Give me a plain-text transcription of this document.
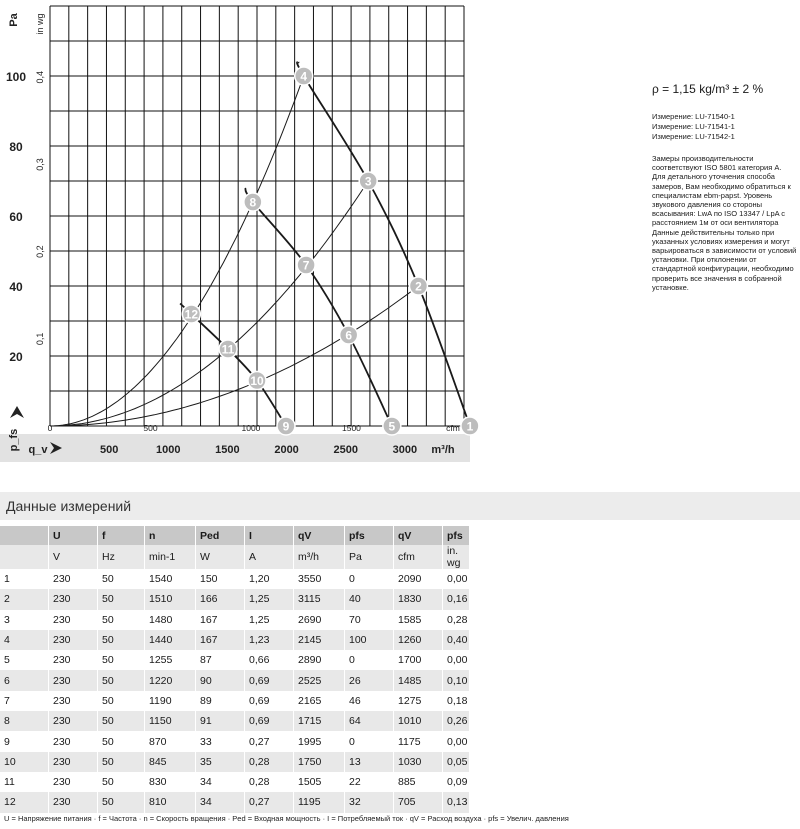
20
40
60
80
100
0,1
0,2
0,3
0,4
Pa in wg
p_fs
0	500	1000	1500	cfm
500	1000	1500	2000	2500	3000 m³/h
q_v
1
2
3
4
5
6
7
8
9
10
11
12
ρ = 1,15 kg/m³ ± 2 %
Измерение: LU-71540-1
Измерение: LU-71541-1
Измерение: LU-71542-1
Замеры производительности соответствуют ISO 5801 категория А. Для детального уточнения способа замеров, Вам необходимо обратиться к специалистам ebm-papst. Уровень звукового давления со стороны всасывания: LwA по ISO 13347 / LpA с расстоянием 1м от оси вентилятора Данные действительны только при указанных условиях измерения и могут варьироваться в зависимости от условий установки. При отклонении от стандартной конфигурации, необходимо проверить все значения в собранной установке.
Данные измерений
	U	f	n	Ped	I	qV	pfs	qV	pfs
	V	Hz	min-1	W	A	m³/h	Pa	cfm	in. wg
1	230	50	1540	150	1,20	3550	0	2090	0,00
2	230	50	1510	166	1,25	3115	40	1830	0,16
3	230	50	1480	167	1,25	2690	70	1585	0,28
4	230	50	1440	167	1,23	2145	100	1260	0,40
5	230	50	1255	87	0,66	2890	0	1700	0,00
6	230	50	1220	90	0,69	2525	26	1485	0,10
7	230	50	1190	89	0,69	2165	46	1275	0,18
8	230	50	1150	91	0,69	1715	64	1010	0,26
9	230	50	870	33	0,27	1995	0	1175	0,00
10	230	50	845	35	0,28	1750	13	1030	0,05
11	230	50	830	34	0,28	1505	22	885	0,09
12	230	50	810	34	0,27	1195	32	705	0,13
U = Напряжение питания · f = Частота · n = Скорость вращения · Ped = Входная мощность · I = Потребляемый ток · qV = Расход воздуха · pfs = Увелич. давления
